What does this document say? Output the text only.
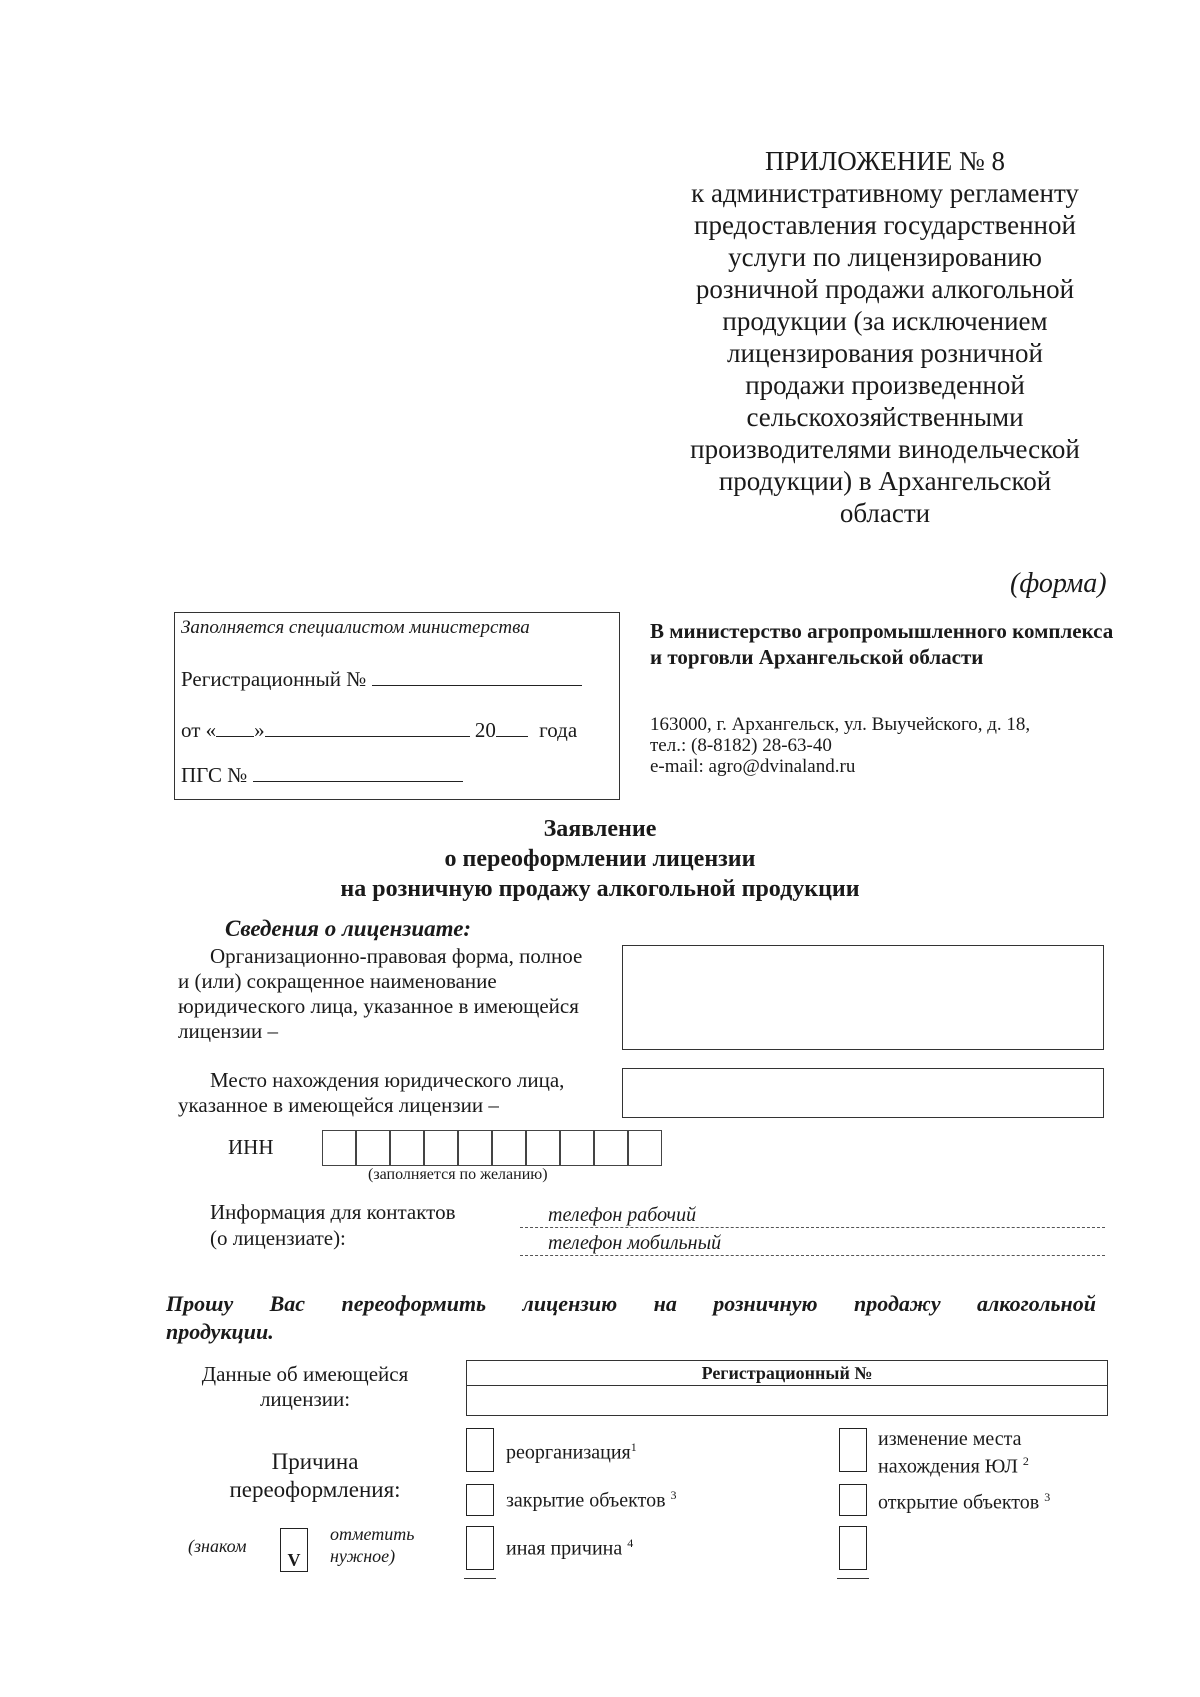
ПРИЛОЖЕНИЕ № 8
к административному регламенту
предоставления государственной
услуги по лицензированию
розничной продажи алкогольной
продукции (за исключением
лицензирования розничной
продажи произведенной
сельскохозяйственными
производителями винодельческой
продукции) в Архангельской
области
(форма)
Заполняется специалистом министерства
Регистрационный №
от « »	20 года
ПГС №
В министерство агропромышленного комплекса и торговли Архангельской области
163000, г. Архангельск, ул. Выучейского, д. 18,
тел.: (8-8182) 28-63-40
e-mail: agro@dvinaland.ru
Заявление
о переоформлении лицензии
на розничную продажу алкогольной продукции
Сведения о лицензиате:
Организационно-правовая форма, полное и (или) сокращенное наименование юридического лица, указанное в имеющейся лицензии –
Место нахождения юридического лица, указанное в имеющейся лицензии –
ИНН
(заполняется по желанию)
Информация для контактов
(о лицензиате):
телефон рабочий
телефон мобильный
Прошу Вас переоформить лицензию на розничную продажу алкогольной продукции.
Данные об имеющейся
лицензии:
Регистрационный №
Причина
переоформления:
(знаком
V
отметить
нужное)
реорганизация$^1$	изменение места
нахождения ЮЛ $^2$
закрытие объектов $^3$	открытие объектов $^3$
иная причина $^4$
